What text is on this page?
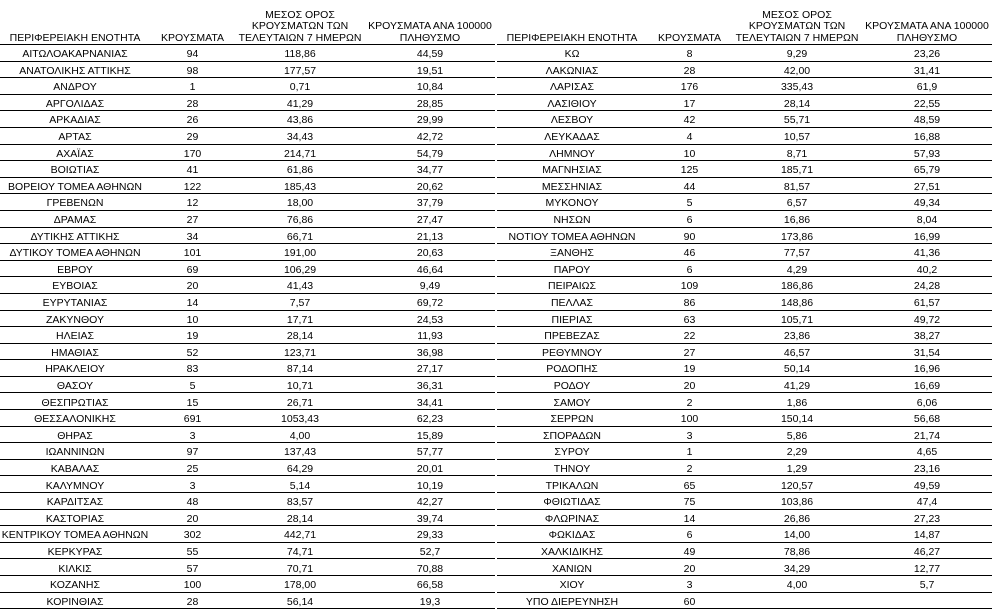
ΠΕΡΙΦΕΡΕΙΑΚΗ ΕΝΟΤΗΤΑ	ΚΡΟΥΣΜΑΤΑ	ΜΕΣΟΣ ΟΡΟΣ ΚΡΟΥΣΜΑΤΩΝ ΤΩΝ ΤΕΛΕΥΤΑΙΩΝ 7 ΗΜΕΡΩΝ	ΚΡΟΥΣΜΑΤΑ ΑΝΑ 100000 ΠΛΗΘΥΣΜΟ
ΑΙΤΩΛΟΑΚΑΡΝΑΝΙΑΣ	94	118,86	44,59
ΑΝΑΤΟΛΙΚΗΣ ΑΤΤΙΚΗΣ	98	177,57	19,51
ΑΝΔΡΟΥ	1	0,71	10,84
ΑΡΓΟΛΙΔΑΣ	28	41,29	28,85
ΑΡΚΑΔΙΑΣ	26	43,86	29,99
ΑΡΤΑΣ	29	34,43	42,72
ΑΧΑΪΑΣ	170	214,71	54,79
ΒΟΙΩΤΙΑΣ	41	61,86	34,77
ΒΟΡΕΙΟΥ ΤΟΜΕΑ ΑΘΗΝΩΝ	122	185,43	20,62
ΓΡΕΒΕΝΩΝ	12	18,00	37,79
ΔΡΑΜΑΣ	27	76,86	27,47
ΔΥΤΙΚΗΣ ΑΤΤΙΚΗΣ	34	66,71	21,13
ΔΥΤΙΚΟΥ ΤΟΜΕΑ ΑΘΗΝΩΝ	101	191,00	20,63
ΕΒΡΟΥ	69	106,29	46,64
ΕΥΒΟΙΑΣ	20	41,43	9,49
ΕΥΡΥΤΑΝΙΑΣ	14	7,57	69,72
ΖΑΚΥΝΘΟΥ	10	17,71	24,53
ΗΛΕΙΑΣ	19	28,14	11,93
ΗΜΑΘΙΑΣ	52	123,71	36,98
ΗΡΑΚΛΕΙΟΥ	83	87,14	27,17
ΘΑΣΟΥ	5	10,71	36,31
ΘΕΣΠΡΩΤΙΑΣ	15	26,71	34,41
ΘΕΣΣΑΛΟΝΙΚΗΣ	691	1053,43	62,23
ΘΗΡΑΣ	3	4,00	15,89
ΙΩΑΝΝΙΝΩΝ	97	137,43	57,77
ΚΑΒΑΛΑΣ	25	64,29	20,01
ΚΑΛΥΜΝΟΥ	3	5,14	10,19
ΚΑΡΔΙΤΣΑΣ	48	83,57	42,27
ΚΑΣΤΟΡΙΑΣ	20	28,14	39,74
ΚΕΝΤΡΙΚΟΥ ΤΟΜΕΑ ΑΘΗΝΩΝ	302	442,71	29,33
ΚΕΡΚΥΡΑΣ	55	74,71	52,7
ΚΙΛΚΙΣ	57	70,71	70,88
ΚΟΖΑΝΗΣ	100	178,00	66,58
ΚΟΡΙΝΘΙΑΣ	28	56,14	19,3
ΠΕΡΙΦΕΡΕΙΑΚΗ ΕΝΟΤΗΤΑ	ΚΡΟΥΣΜΑΤΑ	ΜΕΣΟΣ ΟΡΟΣ ΚΡΟΥΣΜΑΤΩΝ ΤΩΝ ΤΕΛΕΥΤΑΙΩΝ 7 ΗΜΕΡΩΝ	ΚΡΟΥΣΜΑΤΑ ΑΝΑ 100000 ΠΛΗΘΥΣΜΟ
ΚΩ	8	9,29	23,26
ΛΑΚΩΝΙΑΣ	28	42,00	31,41
ΛΑΡΙΣΑΣ	176	335,43	61,9
ΛΑΣΙΘΙΟΥ	17	28,14	22,55
ΛΕΣΒΟΥ	42	55,71	48,59
ΛΕΥΚΑΔΑΣ	4	10,57	16,88
ΛΗΜΝΟΥ	10	8,71	57,93
ΜΑΓΝΗΣΙΑΣ	125	185,71	65,79
ΜΕΣΣΗΝΙΑΣ	44	81,57	27,51
ΜΥΚΟΝΟΥ	5	6,57	49,34
ΝΗΣΩΝ	6	16,86	8,04
ΝΟΤΙΟΥ ΤΟΜΕΑ ΑΘΗΝΩΝ	90	173,86	16,99
ΞΑΝΘΗΣ	46	77,57	41,36
ΠΑΡΟΥ	6	4,29	40,2
ΠΕΙΡΑΙΩΣ	109	186,86	24,28
ΠΕΛΛΑΣ	86	148,86	61,57
ΠΙΕΡΙΑΣ	63	105,71	49,72
ΠΡΕΒΕΖΑΣ	22	23,86	38,27
ΡΕΘΥΜΝΟΥ	27	46,57	31,54
ΡΟΔΟΠΗΣ	19	50,14	16,96
ΡΟΔΟΥ	20	41,29	16,69
ΣΑΜΟΥ	2	1,86	6,06
ΣΕΡΡΩΝ	100	150,14	56,68
ΣΠΟΡΑΔΩΝ	3	5,86	21,74
ΣΥΡΟΥ	1	2,29	4,65
ΤΗΝΟΥ	2	1,29	23,16
ΤΡΙΚΑΛΩΝ	65	120,57	49,59
ΦΘΙΩΤΙΔΑΣ	75	103,86	47,4
ΦΛΩΡΙΝΑΣ	14	26,86	27,23
ΦΩΚΙΔΑΣ	6	14,00	14,87
ΧΑΛΚΙΔΙΚΗΣ	49	78,86	46,27
ΧΑΝΙΩΝ	20	34,29	12,77
ΧΙΟΥ	3	4,00	5,7
ΥΠΟ ΔΙΕΡΕΥΝΗΣΗ	60		
